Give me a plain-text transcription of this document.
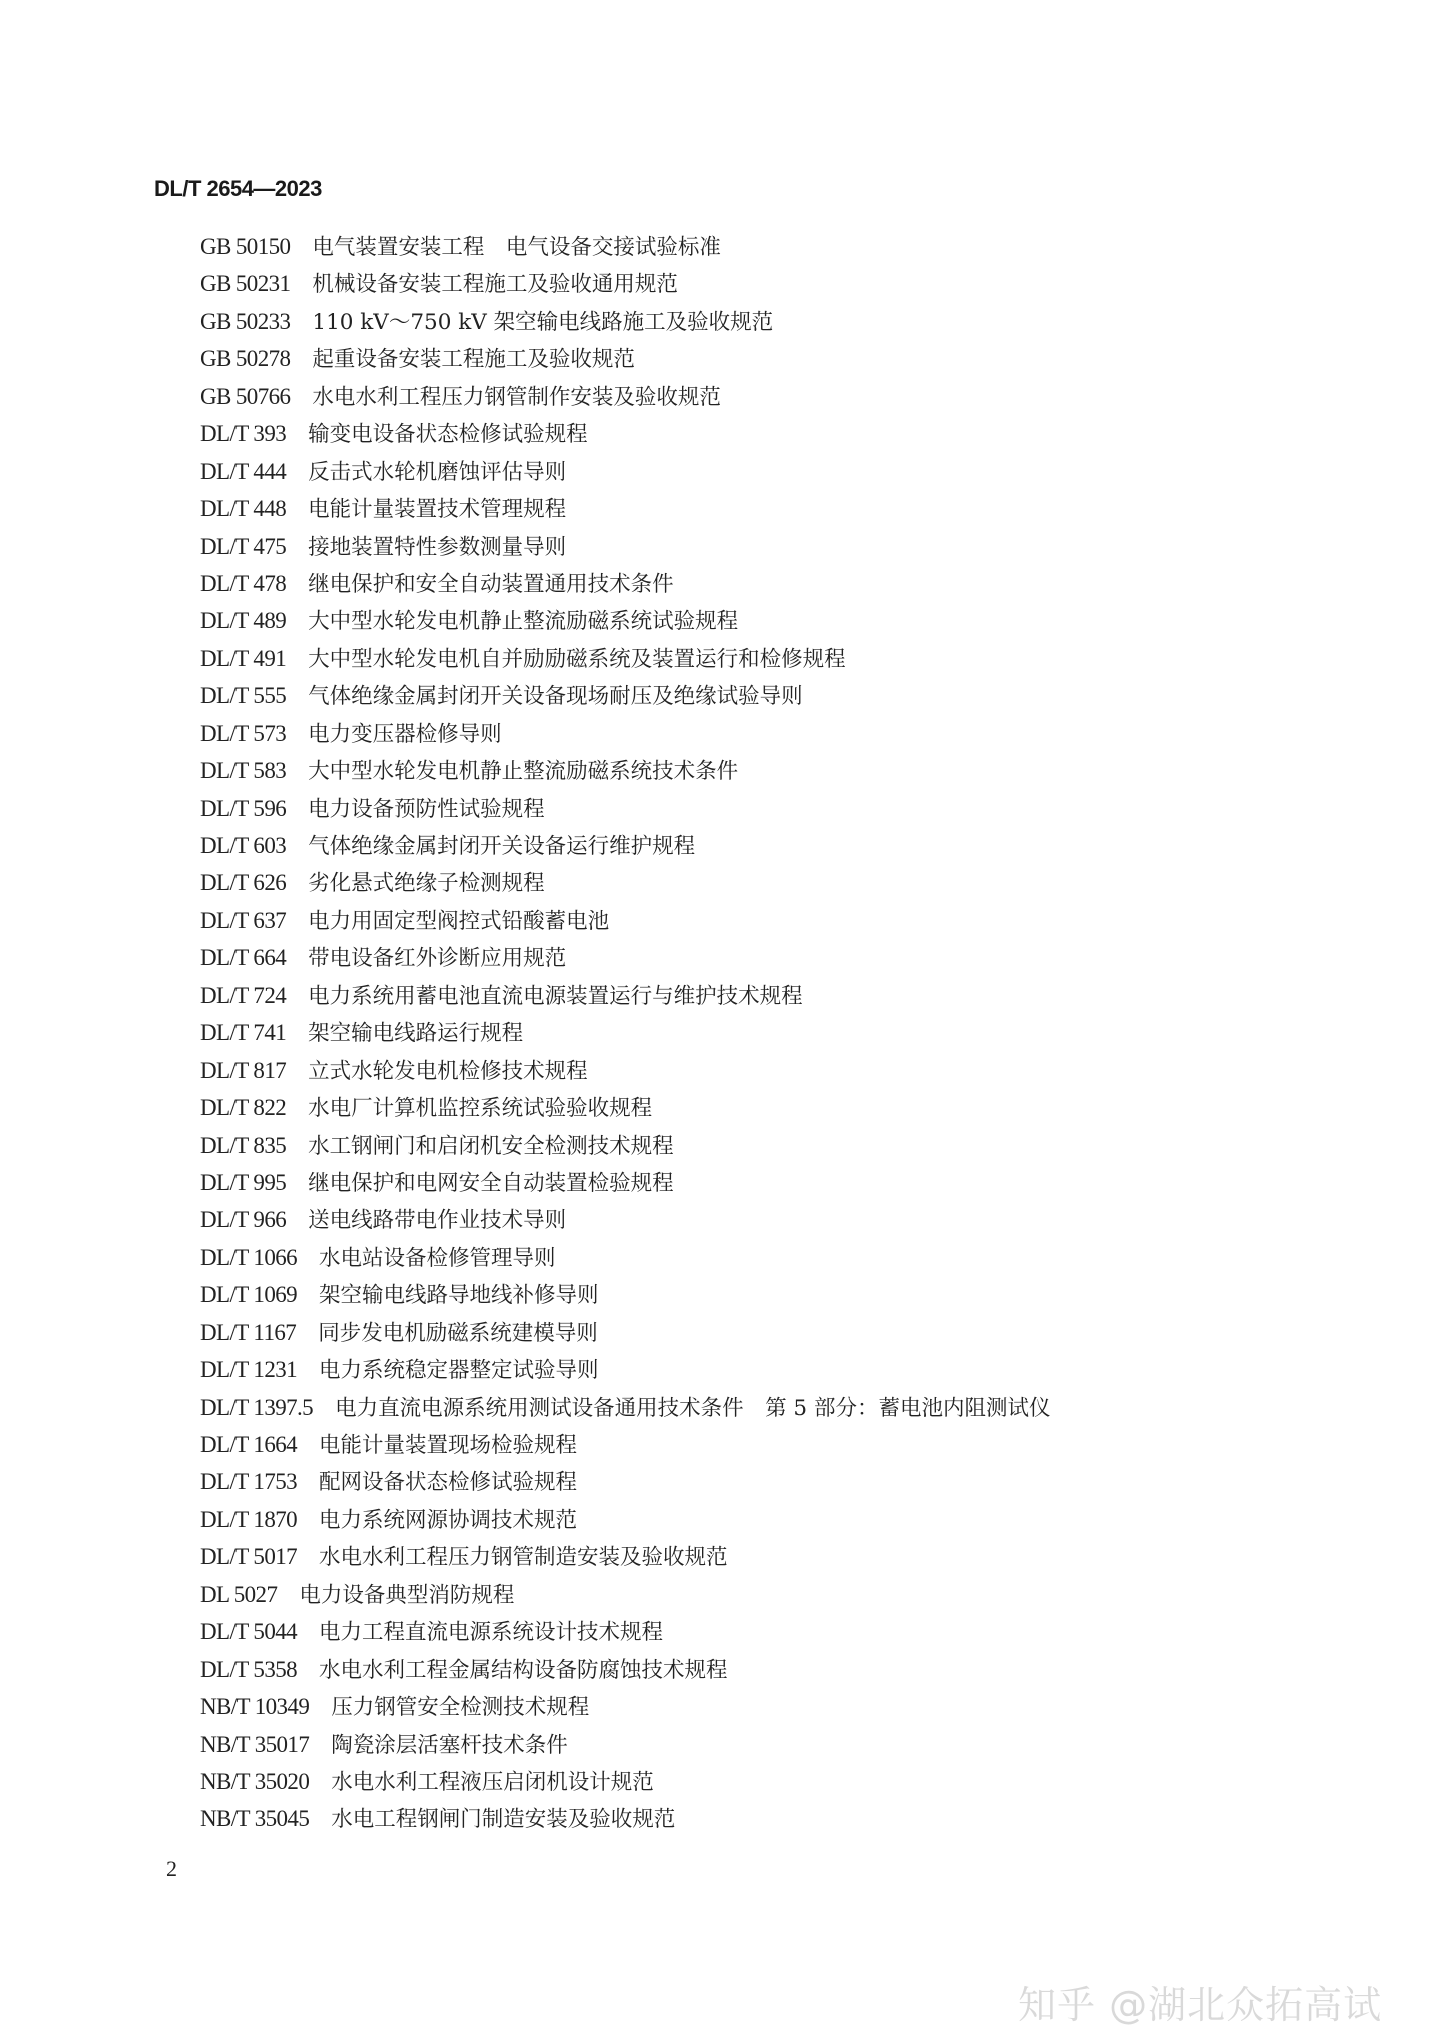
DL/T 2654—2023
GB 50150 电气装置安装工程　电气设备交接试验标准
GB 50231 机械设备安装工程施工及验收通用规范
GB 50233 110 kV～750 kV 架空输电线路施工及验收规范
GB 50278 起重设备安装工程施工及验收规范
GB 50766 水电水利工程压力钢管制作安装及验收规范
DL/T 393 输变电设备状态检修试验规程
DL/T 444 反击式水轮机磨蚀评估导则
DL/T 448 电能计量装置技术管理规程
DL/T 475 接地装置特性参数测量导则
DL/T 478 继电保护和安全自动装置通用技术条件
DL/T 489 大中型水轮发电机静止整流励磁系统试验规程
DL/T 491 大中型水轮发电机自并励励磁系统及装置运行和检修规程
DL/T 555 气体绝缘金属封闭开关设备现场耐压及绝缘试验导则
DL/T 573 电力变压器检修导则
DL/T 583 大中型水轮发电机静止整流励磁系统技术条件
DL/T 596 电力设备预防性试验规程
DL/T 603 气体绝缘金属封闭开关设备运行维护规程
DL/T 626 劣化悬式绝缘子检测规程
DL/T 637 电力用固定型阀控式铅酸蓄电池
DL/T 664 带电设备红外诊断应用规范
DL/T 724 电力系统用蓄电池直流电源装置运行与维护技术规程
DL/T 741 架空输电线路运行规程
DL/T 817 立式水轮发电机检修技术规程
DL/T 822 水电厂计算机监控系统试验验收规程
DL/T 835 水工钢闸门和启闭机安全检测技术规程
DL/T 995 继电保护和电网安全自动装置检验规程
DL/T 966 送电线路带电作业技术导则
DL/T 1066 水电站设备检修管理导则
DL/T 1069 架空输电线路导地线补修导则
DL/T 1167 同步发电机励磁系统建模导则
DL/T 1231 电力系统稳定器整定试验导则
DL/T 1397.5 电力直流电源系统用测试设备通用技术条件　第 5 部分：蓄电池内阻测试仪
DL/T 1664 电能计量装置现场检验规程
DL/T 1753 配网设备状态检修试验规程
DL/T 1870 电力系统网源协调技术规范
DL/T 5017 水电水利工程压力钢管制造安装及验收规范
DL 5027 电力设备典型消防规程
DL/T 5044 电力工程直流电源系统设计技术规程
DL/T 5358 水电水利工程金属结构设备防腐蚀技术规程
NB/T 10349 压力钢管安全检测技术规程
NB/T 35017 陶瓷涂层活塞杆技术条件
NB/T 35020 水电水利工程液压启闭机设计规范
NB/T 35045 水电工程钢闸门制造安装及验收规范
2
知乎 @湖北众拓高试
